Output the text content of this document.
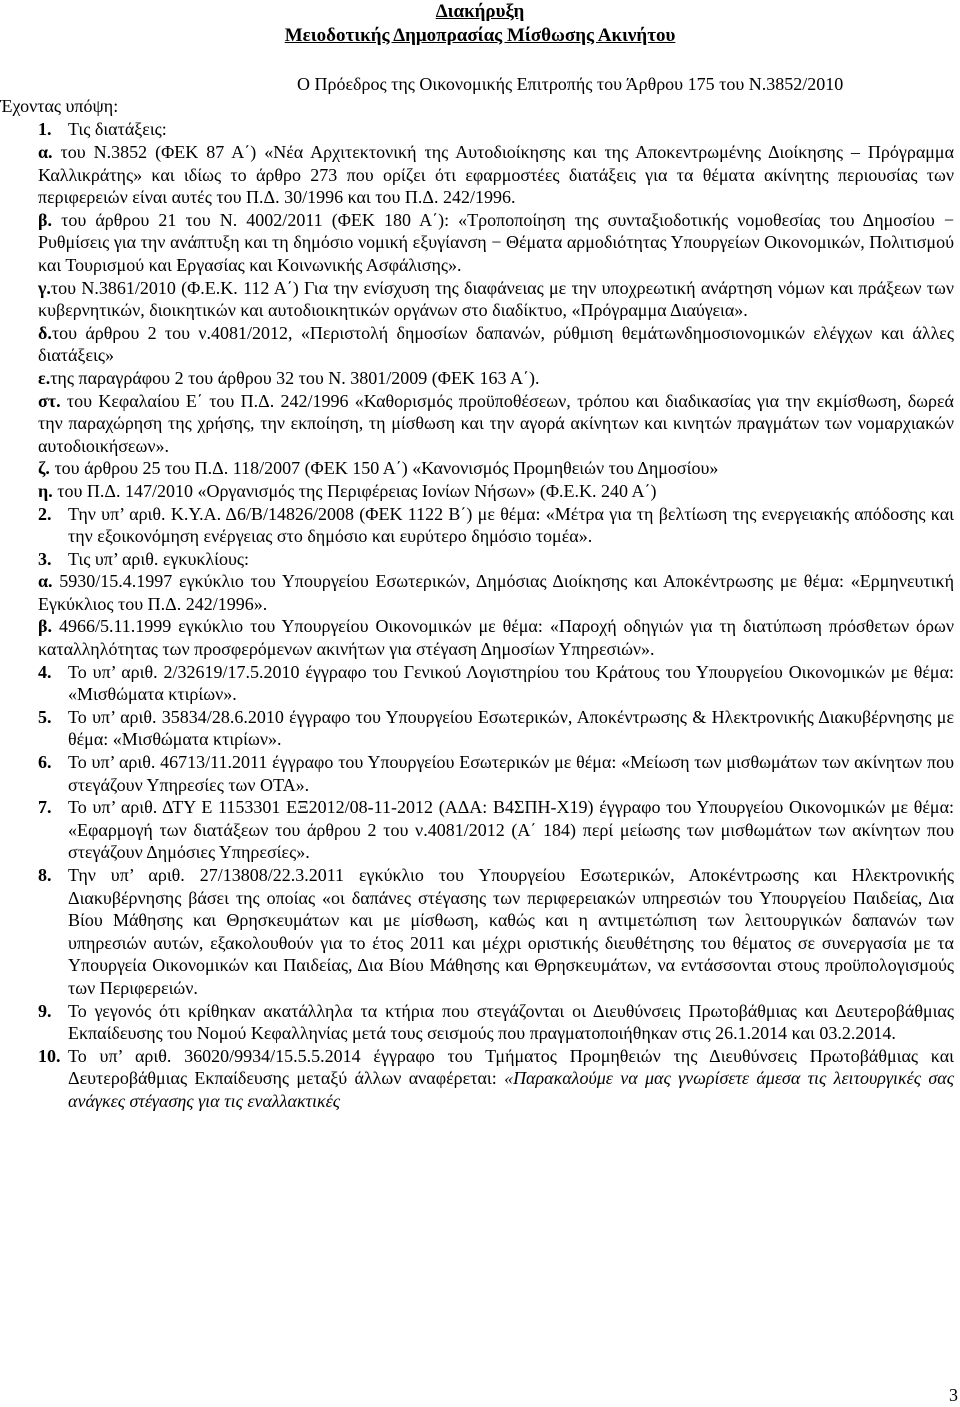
Διακήρυξη
Μειοδοτικής Δημοπρασίας Μίσθωσης Ακινήτου
Ο Πρόεδρος της Οικονομικής Επιτροπής του Άρθρου 175 του Ν.3852/2010
Έχοντας υπόψη:
1. Τις διατάξεις:

α. του Ν.3852 (ΦΕΚ 87 Α΄) «Νέα Αρχιτεκτονική της Αυτοδιοίκησης και της Αποκεντρωμένης Διοίκησης – Πρόγραμμα Καλλικράτης» και ιδίως το άρθρο 273 που ορίζει ότι εφαρμοστέες διατάξεις για τα θέματα ακίνητης περιουσίας των περιφερειών είναι αυτές του Π.Δ. 30/1996 και του Π.Δ. 242/1996.

β. του άρθρου 21 του Ν. 4002/2011 (ΦΕΚ 180 Α΄): «Τροποποίηση της συνταξιοδοτικής νομοθεσίας του Δημοσίου − Ρυθμίσεις για την ανάπτυξη και τη δημόσιο νομική εξυγίανση − Θέματα αρμοδιότητας Υπουργείων Οικονομικών, Πολιτισμού και Τουρισμού και Εργασίας και Κοινωνικής Ασφάλισης».

γ.του Ν.3861/2010 (Φ.Ε.Κ. 112 Α΄) Για την ενίσχυση της διαφάνειας με την υποχρεωτική ανάρτηση νόμων και πράξεων των κυβερνητικών, διοικητικών και αυτοδιοικητικών οργάνων στο διαδίκτυο, «Πρόγραμμα Διαύγεια».

δ.του άρθρου 2 του ν.4081/2012, «Περιστολή δημοσίων δαπανών, ρύθμιση θεμάτωνδημοσιονομικών ελέγχων και άλλες διατάξεις»

ε.της παραγράφου 2 του άρθρου 32 του Ν. 3801/2009 (ΦΕΚ 163 Α΄).

στ. του Κεφαλαίου Ε΄ του Π.Δ. 242/1996 «Καθορισμός προϋποθέσεων, τρόπου και διαδικασίας για την εκμίσθωση, δωρεά την παραχώρηση της χρήσης, την εκποίηση, τη μίσθωση και την αγορά ακίνητων και κινητών πραγμάτων των νομαρχιακών αυτοδιοικήσεων».

ζ. του άρθρου 25 του Π.Δ. 118/2007 (ΦΕΚ 150 Α΄) «Κανονισμός Προμηθειών του Δημοσίου»

η. του Π.Δ. 147/2010 «Οργανισμός της Περιφέρειας Ιονίων Νήσων» (Φ.Ε.Κ. 240 Α΄)

2. Την υπ’ αριθ. Κ.Υ.Α. Δ6/Β/14826/2008 (ΦΕΚ 1122 Β΄) με θέμα: «Μέτρα για τη βελτίωση της ενεργειακής απόδοσης και την εξοικονόμηση ενέργειας στο δημόσιο και ευρύτερο δημόσιο τομέα».
3. Τις υπ’ αριθ. εγκυκλίους:

α. 5930/15.4.1997 εγκύκλιο του Υπουργείου Εσωτερικών, Δημόσιας Διοίκησης και Αποκέντρωσης με θέμα: «Ερμηνευτική Εγκύκλιος του Π.Δ. 242/1996».

β. 4966/5.11.1999 εγκύκλιο του Υπουργείου Οικονομικών με θέμα: «Παροχή οδηγιών για τη διατύπωση πρόσθετων όρων καταλληλότητας των προσφερόμενων ακινήτων για στέγαση Δημοσίων Υπηρεσιών».

4. Το υπ’ αριθ. 2/32619/17.5.2010 έγγραφο του Γενικού Λογιστηρίου του Κράτους του Υπουργείου Οικονομικών με θέμα: «Μισθώματα κτιρίων».
5. Το υπ’ αριθ. 35834/28.6.2010 έγγραφο του Υπουργείου Εσωτερικών, Αποκέντρωσης & Ηλεκτρονικής Διακυβέρνησης με θέμα: «Μισθώματα κτιρίων».
6. Το υπ’ αριθ. 46713/11.2011 έγγραφο του Υπουργείου Εσωτερικών με θέμα: «Μείωση των μισθωμάτων των ακίνητων που στεγάζουν Υπηρεσίες των ΟΤΑ».
7. Το υπ’ αριθ. ΔΤΥ Ε 1153301 ΕΞ2012/08-11-2012 (ΑΔΑ: Β4ΣΠΗ-Χ19) έγγραφο του Υπουργείου Οικονομικών με θέμα: «Εφαρμογή των διατάξεων του άρθρου 2 του ν.4081/2012 (Α΄ 184) περί μείωσης των μισθωμάτων των ακίνητων που στεγάζουν Δημόσιες Υπηρεσίες».
8. Την υπ’ αριθ. 27/13808/22.3.2011 εγκύκλιο του Υπουργείου Εσωτερικών, Αποκέντρωσης και Ηλεκτρονικής Διακυβέρνησης βάσει της οποίας «οι δαπάνες στέγασης των περιφερειακών υπηρεσιών του Υπουργείου Παιδείας, Δια Βίου Μάθησης και Θρησκευμάτων και με μίσθωση, καθώς και η αντιμετώπιση των λειτουργικών δαπανών των υπηρεσιών αυτών, εξακολουθούν για το έτος 2011 και μέχρι οριστικής διευθέτησης του θέματος σε συνεργασία με τα Υπουργεία Οικονομικών και Παιδείας, Δια Βίου Μάθησης και Θρησκευμάτων, να εντάσσονται στους προϋπολογισμούς των Περιφερειών.
9. Το γεγονός ότι κρίθηκαν ακατάλληλα τα κτήρια που στεγάζονται οι Διευθύνσεις Πρωτοβάθμιας και Δευτεροβάθμιας Εκπαίδευσης του Νομού Κεφαλληνίας μετά τους σεισμούς που πραγματοποιήθηκαν στις 26.1.2014 και 03.2.2014.
10. Το υπ’ αριθ. 36020/9934/15.5.5.2014 έγγραφο του Τμήματος Προμηθειών της Διευθύνσεις Πρωτοβάθμιας και Δευτεροβάθμιας Εκπαίδευσης μεταξύ άλλων αναφέρεται: «Παρακαλούμε να μας γνωρίσετε άμεσα τις λειτουργικές σας ανάγκες στέγασης για τις εναλλακτικές
3
